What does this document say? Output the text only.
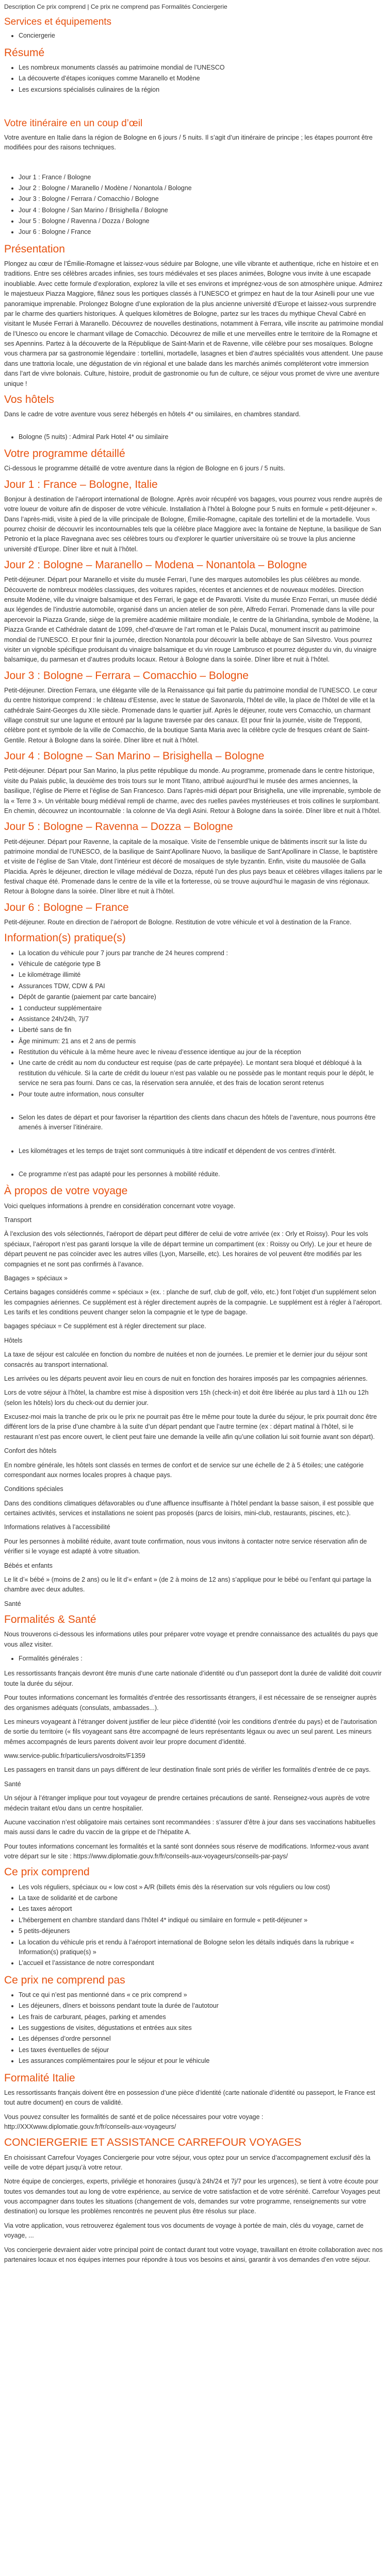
Description Ce prix comprend | Ce prix ne comprend pas Formalités Conciergerie

Services et équipements
• Conciergerie
Résumé
• Les nombreux monuments classés au patrimoine mondial de l’UNESCO
• La découverte d’étapes iconiques comme Maranello et Modène
• Les excursions spécialisés culinaires de la région
Votre itinéraire en un coup d’œil

Votre aventure en Italie dans la région de Bologne en 6 jours / 5 nuits. Il s’agit d’un itinéraire de principe ; les étapes pourront être modifiées pour des raisons techniques.

• Jour 1 : France / Bologne
• Jour 2 : Bologne / Maranello / Modène / Nonantola / Bologne
• Jour 3 : Bologne / Ferrara / Comacchio / Bologne
• Jour 4 : Bologne / San Marino / Brisighella / Bologne
• Jour 5 : Bologne / Ravenna / Dozza / Bologne
• Jour 6 : Bologne / France
Présentation

Plongez au cœur de l’Émilie-Romagne et laissez-vous séduire par Bologne, une ville vibrante et authentique, riche en histoire et en traditions. Entre ses célèbres arcades infinies, ses tours médiévales et ses places animées, Bologne vous invite à une escapade inoubliable. Avec cette formule d’exploration, explorez la ville et ses environs et imprégnez-vous de son atmosphère unique. Admirez le majestueux Piazza Maggiore, flânez sous les portiques classés à l’UNESCO et grimpez en haut de la tour Asinelli pour une vue panoramique imprenable. Prolongez Bologne d’une exploration de la plus ancienne université d’Europe et laissez-vous surprendre par le charme des quartiers historiques. À quelques kilomètres de Bologne, partez sur les traces du mythique Cheval Cabré en visitant le Musée Ferrari à Maranello. Découvrez de nouvelles destinations, notamment à Ferrara, ville inscrite au patrimoine mondial de l’Unesco ou encore le charmant village de Comacchio. Découvrez de mille et une merveilles entre le territoire de la Romagne et ses Apennins. Partez à la découverte de la République de Saint-Marin et de Ravenne, ville célèbre pour ses mosaïques. Bologne vous charmera par sa gastronomie légendaire : tortellini, mortadelle, lasagnes et bien d’autres spécialités vous attendent. Une pause dans une trattoria locale, une dégustation de vin régional et une balade dans les marchés animés compléteront votre immersion dans l’art de vivre bolonais. Culture, histoire, produit de gastronomie ou fun de culture, ce séjour vous promet de vivre une aventure unique !

Vos hôtels

Dans le cadre de votre aventure vous serez hébergés en hôtels 4* ou similaires, en chambres standard.

• Bologne (5 nuits) : Admiral Park Hotel 4* ou similaire
Votre programme détaillé

Ci-dessous le programme détaillé de votre aventure dans la région de Bologne en 6 jours / 5 nuits.

Jour 1 : France – Bologne, Italie

Bonjour à destination de l’aéroport international de Bologne. Après avoir récupéré vos bagages, vous pourrez vous rendre auprès de votre loueur de voiture afin de disposer de votre véhicule. Installation à l’hôtel à Bologne pour 5 nuits en formule « petit-déjeuner ». Dans l’après-midi, visite à pied de la ville principale de Bologne, Émilie-Romagne, capitale des tortellini et de la mortadelle. Vous pourrez choisir de découvrir les incontournables tels que la célèbre place Maggiore avec la fontaine de Neptune, la basilique de San Petronio et la place Ravegnana avec ses célèbres tours ou d’explorer le quartier universitaire où se trouve la plus ancienne université d’Europe. Dîner libre et nuit à l’hôtel.

Jour 2 : Bologne – Maranello – Modena – Nonantola – Bologne

Petit-déjeuner. Départ pour Maranello et visite du musée Ferrari, l’une des marques automobiles les plus célèbres au monde. Découverte de nombreux modèles classiques, des voitures rapides, récentes et anciennes et de nouveaux modèles. Direction ensuite Modène, ville du vinaigre balsamique et des Ferrari, le gage et de Pavarotti. Visite du musée Enzo Ferrari, un musée dédié aux légendes de l’industrie automobile, organisé dans un ancien atelier de son père, Alfredo Ferrari. Promenade dans la ville pour apercevoir la Piazza Grande, siège de la première académie militaire mondiale, le centre de la Ghirlandina, symbole de Modène, la Piazza Grande et Cathédrale datant de 1099, chef-d’œuvre de l’art roman et le Palais Ducal, monument inscrit au patrimoine mondial de l’UNESCO. Et pour finir la journée, direction Nonantola pour découvrir la belle abbaye de San Silvestro. Vous pourrez visiter un vignoble spécifique produisant du vinaigre balsamique et du vin rouge Lambrusco et pourrez déguster du vin, du vinaigre balsamique, du parmesan et d’autres produits locaux. Retour à Bologne dans la soirée. Dîner libre et nuit à l’hôtel.

Jour 3 : Bologne – Ferrara – Comacchio – Bologne

Petit-déjeuner. Direction Ferrara, une élégante ville de la Renaissance qui fait partie du patrimoine mondial de l’UNESCO. Le cœur du centre historique comprend : le château d’Estense, avec le statue de Savonarola, l’hôtel de ville, la place de l’hôtel de ville et la cathédrale Saint-Georges du XIIe siècle. Promenade dans le quartier juif. Après le déjeuner, route vers Comacchio, un charmant village construit sur une lagune et entouré par la lagune traversée par des canaux. Et pour finir la journée, visite de Trepponti, célèbre pont et symbole de la ville de Comacchio, de la boutique Santa Maria avec la célèbre cycle de fresques créant de Saint-Gentile. Retour à Bologne dans la soirée. Dîner libre et nuit à l’hôtel.

Jour 4 : Bologne – San Marino – Brisighella – Bologne

Petit-déjeuner. Départ pour San Marino, la plus petite république du monde. Au programme, promenade dans le centre historique, visite du Palais public, la deuxième des trois tours sur le mont Titano, attribué aujourd’hui le musée des armes anciennes, la basilique, l’église de Pierre et l’église de San Francesco. Dans l’après-midi départ pour Brisighella, une ville imprenable, symbole de la « Terre 3 ». Un véritable bourg médiéval rempli de charme, avec des ruelles pavées mystérieuses et trois collines le surplombant. En chemin, découvrez un incontournable : la colonne de Via degli Asini. Retour à Bologne dans la soirée. Dîner libre et nuit à l’hôtel.

Jour 5 : Bologne – Ravenna – Dozza – Bologne

Petit-déjeuner. Départ pour Ravenne, la capitale de la mosaïque. Visite de l’ensemble unique de bâtiments inscrit sur la liste du patrimoine mondial de l’UNESCO, de la basilique de Saint’Apollinare Nuovo, la basilique de Sant’Apollinare in Classe, le baptistère et visite de l’église de San Vitale, dont l’intérieur est décoré de mosaïques de style byzantin. Enfin, visite du mausolée de Galla Placidia. Après le déjeuner, direction le village médiéval de Dozza, réputé l’un des plus pays beaux et célèbres villages italiens par le festival chaque été. Promenade dans le centre de la ville et la forteresse, où se trouve aujourd’hui le magasin de vins régionaux. Retour à Bologne dans la soirée. Dîner libre et nuit à l’hôtel.

Jour 6 : Bologne – France

Petit-déjeuner. Route en direction de l’aéroport de Bologne. Restitution de votre véhicule et vol à destination de la France.

Information(s) pratique(s)
• La location du véhicule pour 7 jours par tranche de 24 heures comprend :
• Véhicule de catégorie type B
• Le kilométrage illimité
• Assurances TDW, CDW & PAI
• Dépôt de garantie (paiement par carte bancaire)
• 1 conducteur supplémentaire
• Assistance 24h/24h, 7j/7
• Liberté sans de fin
• Âge minimum: 21 ans et 2 ans de permis
• Restitution du véhicule à la même heure avec le niveau d’essence identique au jour de la réception
• Une carte de crédit au nom du conducteur est requise (pas de carte prépayée). Le montant sera bloqué et débloqué à la restitution du véhicule. Si la carte de crédit du loueur n’est pas valable ou ne possède pas le montant requis pour le dépôt, le service ne sera pas fourni. Dans ce cas, la réservation sera annulée, et des frais de location seront retenus
• Pour toute autre information, nous consulter
• Selon les dates de départ et pour favoriser la répartition des clients dans chacun des hôtels de l’aventure, nous pourrons être amenés à inverser l’itinéraire.
• Les kilométrages et les temps de trajet sont communiqués à titre indicatif et dépendent de vos centres d’intérêt.
• Ce programme n’est pas adapté pour les personnes à mobilité réduite.
À propos de votre voyage

Voici quelques informations à prendre en considération concernant votre voyage.

Transport

À l’exclusion des vols sélectionnés, l’aéroport de départ peut différer de celui de votre arrivée (ex : Orly et Roissy). Pour les vols spéciaux, l’aéroport n’est pas garanti lorsque la ville de départ termine un compartiment (ex : Roissy ou Orly). Le jour et heure de départ peuvent ne pas coïncider avec les autres villes (Lyon, Marseille, etc). Les horaires de vol peuvent être modifiés par les compagnies et ne sont pas confirmés à l’avance.

Bagages » spéciaux »

Certains bagages considérés comme « spéciaux » (ex. : planche de surf, club de golf, vélo, etc.) font l’objet d’un supplément selon les compagnies aériennes. Ce supplément est à régler directement auprès de la compagnie. Le supplément est à régler à l’aéroport. Les tarifs et les conditions peuvent changer selon la compagnie et le type de bagage.

bagages spéciaux = Ce supplément est à régler directement sur place.

Hôtels

La taxe de séjour est calculée en fonction du nombre de nuitées et non de journées. Le premier et le dernier jour du séjour sont consacrés au transport international.

Les arrivées ou les départs peuvent avoir lieu en cours de nuit en fonction des horaires imposés par les compagnies aériennes.

Lors de votre séjour à l’hôtel, la chambre est mise à disposition vers 15h (check-in) et doit être libérée au plus tard à 11h ou 12h (selon les hôtels) lors du check-out du dernier jour.

Excusez-moi mais la tranche de prix ou le prix ne pourrait pas être le même pour toute la durée du séjour, le prix pourrait donc être différent lors de la prise d’une chambre à la suite d’un départ pendant que l’autre termine (ex : départ matinal à l’hôtel, si le restaurant n’est pas encore ouvert, le client peut faire une demande la veille afin qu’une collation lui soit fournie avant son départ).

Confort des hôtels

En nombre générale, les hôtels sont classés en termes de confort et de service sur une échelle de 2 à 5 étoiles; une catégorie correspondant aux normes locales propres à chaque pays.

Conditions spéciales

Dans des conditions climatiques défavorables ou d’une affluence insuffisante à l’hôtel pendant la basse saison, il est possible que certaines activités, services et installations ne soient pas proposés (parcs de loisirs, mini-club, restaurants, piscines, etc.).

Informations relatives à l’accessibilité

Pour les personnes à mobilité réduite, avant toute confirmation, nous vous invitons à contacter notre service réservation afin de vérifier si le voyage est adapté à votre situation.

Bébés et enfants

Le lit d’« bébé » (moins de 2 ans) ou le lit d’« enfant » (de 2 à moins de 12 ans) s’applique pour le bébé ou l’enfant qui partage la chambre avec deux adultes.

Santé

Formalités & Santé

Nous trouverons ci-dessous les informations utiles pour préparer votre voyage et prendre connaissance des actualités du pays que vous allez visiter.

• Formalités générales :

Les ressortissants français devront être munis d’une carte nationale d’identité ou d’un passeport dont la durée de validité doit couvrir toute la durée du séjour.

Pour toutes informations concernant les formalités d’entrée des ressortissants étrangers, il est nécessaire de se renseigner auprès des organismes adéquats (consulats, ambassades...).

Les mineurs voyageant à l’étranger doivent justifier de leur pièce d’identité (voir les conditions d’entrée du pays) et de l’autorisation de sortie du territoire (« fils voyageant sans être accompagné de leurs représentants légaux ou avec un seul parent. Les mineurs mêmes accompagnés de leurs parents doivent avoir leur propre document d’identité.

www.service-public.fr/particuliers/vosdroits/F1359

Les passagers en transit dans un pays différent de leur destination finale sont priés de vérifier les formalités d’entrée de ce pays.

Santé

Un séjour à l’étranger implique pour tout voyageur de prendre certaines précautions de santé. Renseignez-vous auprès de votre médecin traitant et/ou dans un centre hospitalier.

Aucune vaccination n’est obligatoire mais certaines sont recommandées : s’assurer d’être à jour dans ses vaccinations habituelles mais aussi dans le cadre du vaccin de la grippe et de l’hépatite A.

Pour toutes informations concernant les formalités et la santé sont données sous réserve de modifications. Informez-vous avant votre départ sur le site : https://www.diplomatie.gouv.fr/fr/conseils-aux-voyageurs/conseils-par-pays/

Ce prix comprend
• Les vols réguliers, spéciaux ou « low cost » A/R (billets émis dès la réservation sur vols réguliers ou low cost)
• La taxe de solidarité et de carbone
• Les taxes aéroport
• L’hébergement en chambre standard dans l’hôtel 4* indiqué ou similaire en formule « petit-déjeuner »
• 5 petits-déjeuners
• La location du véhicule pris et rendu à l’aéroport international de Bologne selon les détails indiqués dans la rubrique « Information(s) pratique(s) »
• L’accueil et l’assistance de notre correspondant
Ce prix ne comprend pas
• Tout ce qui n’est pas mentionné dans « ce prix comprend »
• Les déjeuners, dîners et boissons pendant toute la durée de l’autotour
• Les frais de carburant, péages, parking et amendes
• Les suggestions de visites, dégustations et entrées aux sites
• Les dépenses d’ordre personnel
• Les taxes éventuelles de séjour
• Les assurances complémentaires pour le séjour et pour le véhicule
Formalité Italie

Les ressortissants français doivent être en possession d’une pièce d’identité (carte nationale d’identité ou passeport, le France est tout autre document) en cours de validité.

Vous pouvez consulter les formalités de santé et de police nécessaires pour votre voyage : http://XXXwww.diplomatie.gouv.fr/fr/conseils-aux-voyageurs/

CONCIERGERIE ET ASSISTANCE CARREFOUR VOYAGES

En choisissant Carrefour Voyages Conciergerie pour votre séjour, vous optez pour un service d’accompagnement exclusif dès la veille de votre départ jusqu’à votre retour.

Notre équipe de concierges, experts, privilégie et honoraires (jusqu’à 24h/24 et 7j/7 pour les urgences), se tient à votre écoute pour toutes vos demandes tout au long de votre expérience, au service de votre satisfaction et de votre sérénité. Carrefour Voyages peut vous accompagner dans toutes les situations (changement de vols, demandes sur votre programme, renseignements sur votre destination) ou lorsque les problèmes rencontrés ne peuvent plus être résolus sur place.

Via votre application, vous retrouverez également tous vos documents de voyage à portée de main, clés du voyage, carnet de voyage, ...

Vos conciergerie devraient aider votre principal point de contact durant tout votre voyage, travaillant en étroite collaboration avec nos partenaires locaux et nos équipes internes pour répondre à tous vos besoins et ainsi, garantir à vos demandes d’en votre séjour.
